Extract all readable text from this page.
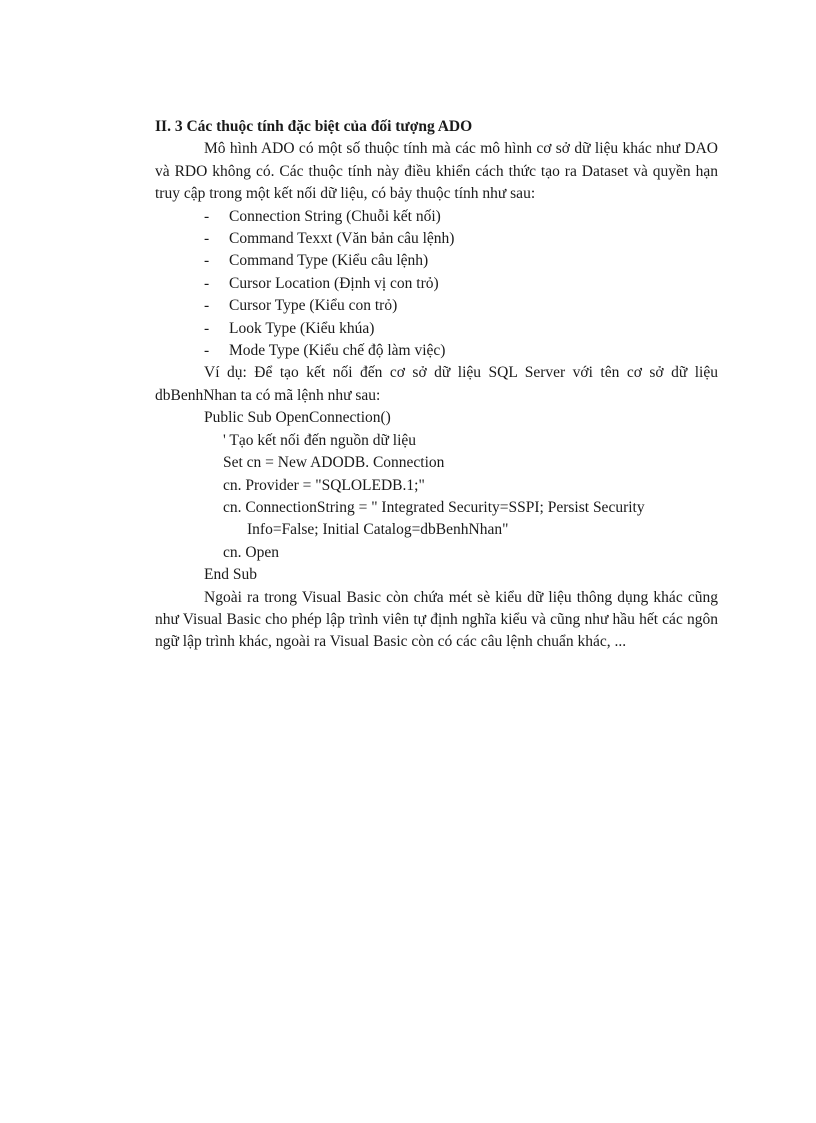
II. 3 Các thuộc tính đặc biệt của đối tượng ADO

Mô hình ADO có một số thuộc tính mà các mô hình cơ sở dữ liệu khác như DAO và RDO không có. Các thuộc tính này điều khiển cách thức tạo ra Dataset và quyền hạn truy cập trong một kết nối dữ liệu, có bảy thuộc tính như sau:

- Connection String (Chuỗi kết nối)
- Command Texxt (Văn bản câu lệnh)
- Command Type (Kiểu câu lệnh)
- Cursor Location (Định vị con trỏ)
- Cursor Type (Kiểu con trỏ)
- Look Type (Kiểu khúa)
- Mode Type (Kiểu chế độ làm việc)

Ví dụ: Để tạo kết nối đến cơ sở dữ liệu SQL Server với tên cơ sở dữ liệu dbBenhNhan ta có mã lệnh như sau:

Public Sub OpenConnection()

' Tạo kết nối đến nguồn dữ liệu

Set cn = New ADODB. Connection

cn. Provider = "SQLOLEDB.1;"

cn. ConnectionString = " Integrated Security=SSPI; Persist Security
Info=False; Initial Catalog=dbBenhNhan"

cn. Open

End Sub

Ngoài ra trong Visual Basic còn chứa mét sè kiểu dữ liệu thông dụng khác cũng như Visual Basic cho phép lập trình viên tự định nghĩa kiểu và cũng như hầu hết các ngôn ngữ lập trình khác, ngoài ra Visual Basic còn có các câu lệnh chuẩn khác, ...
